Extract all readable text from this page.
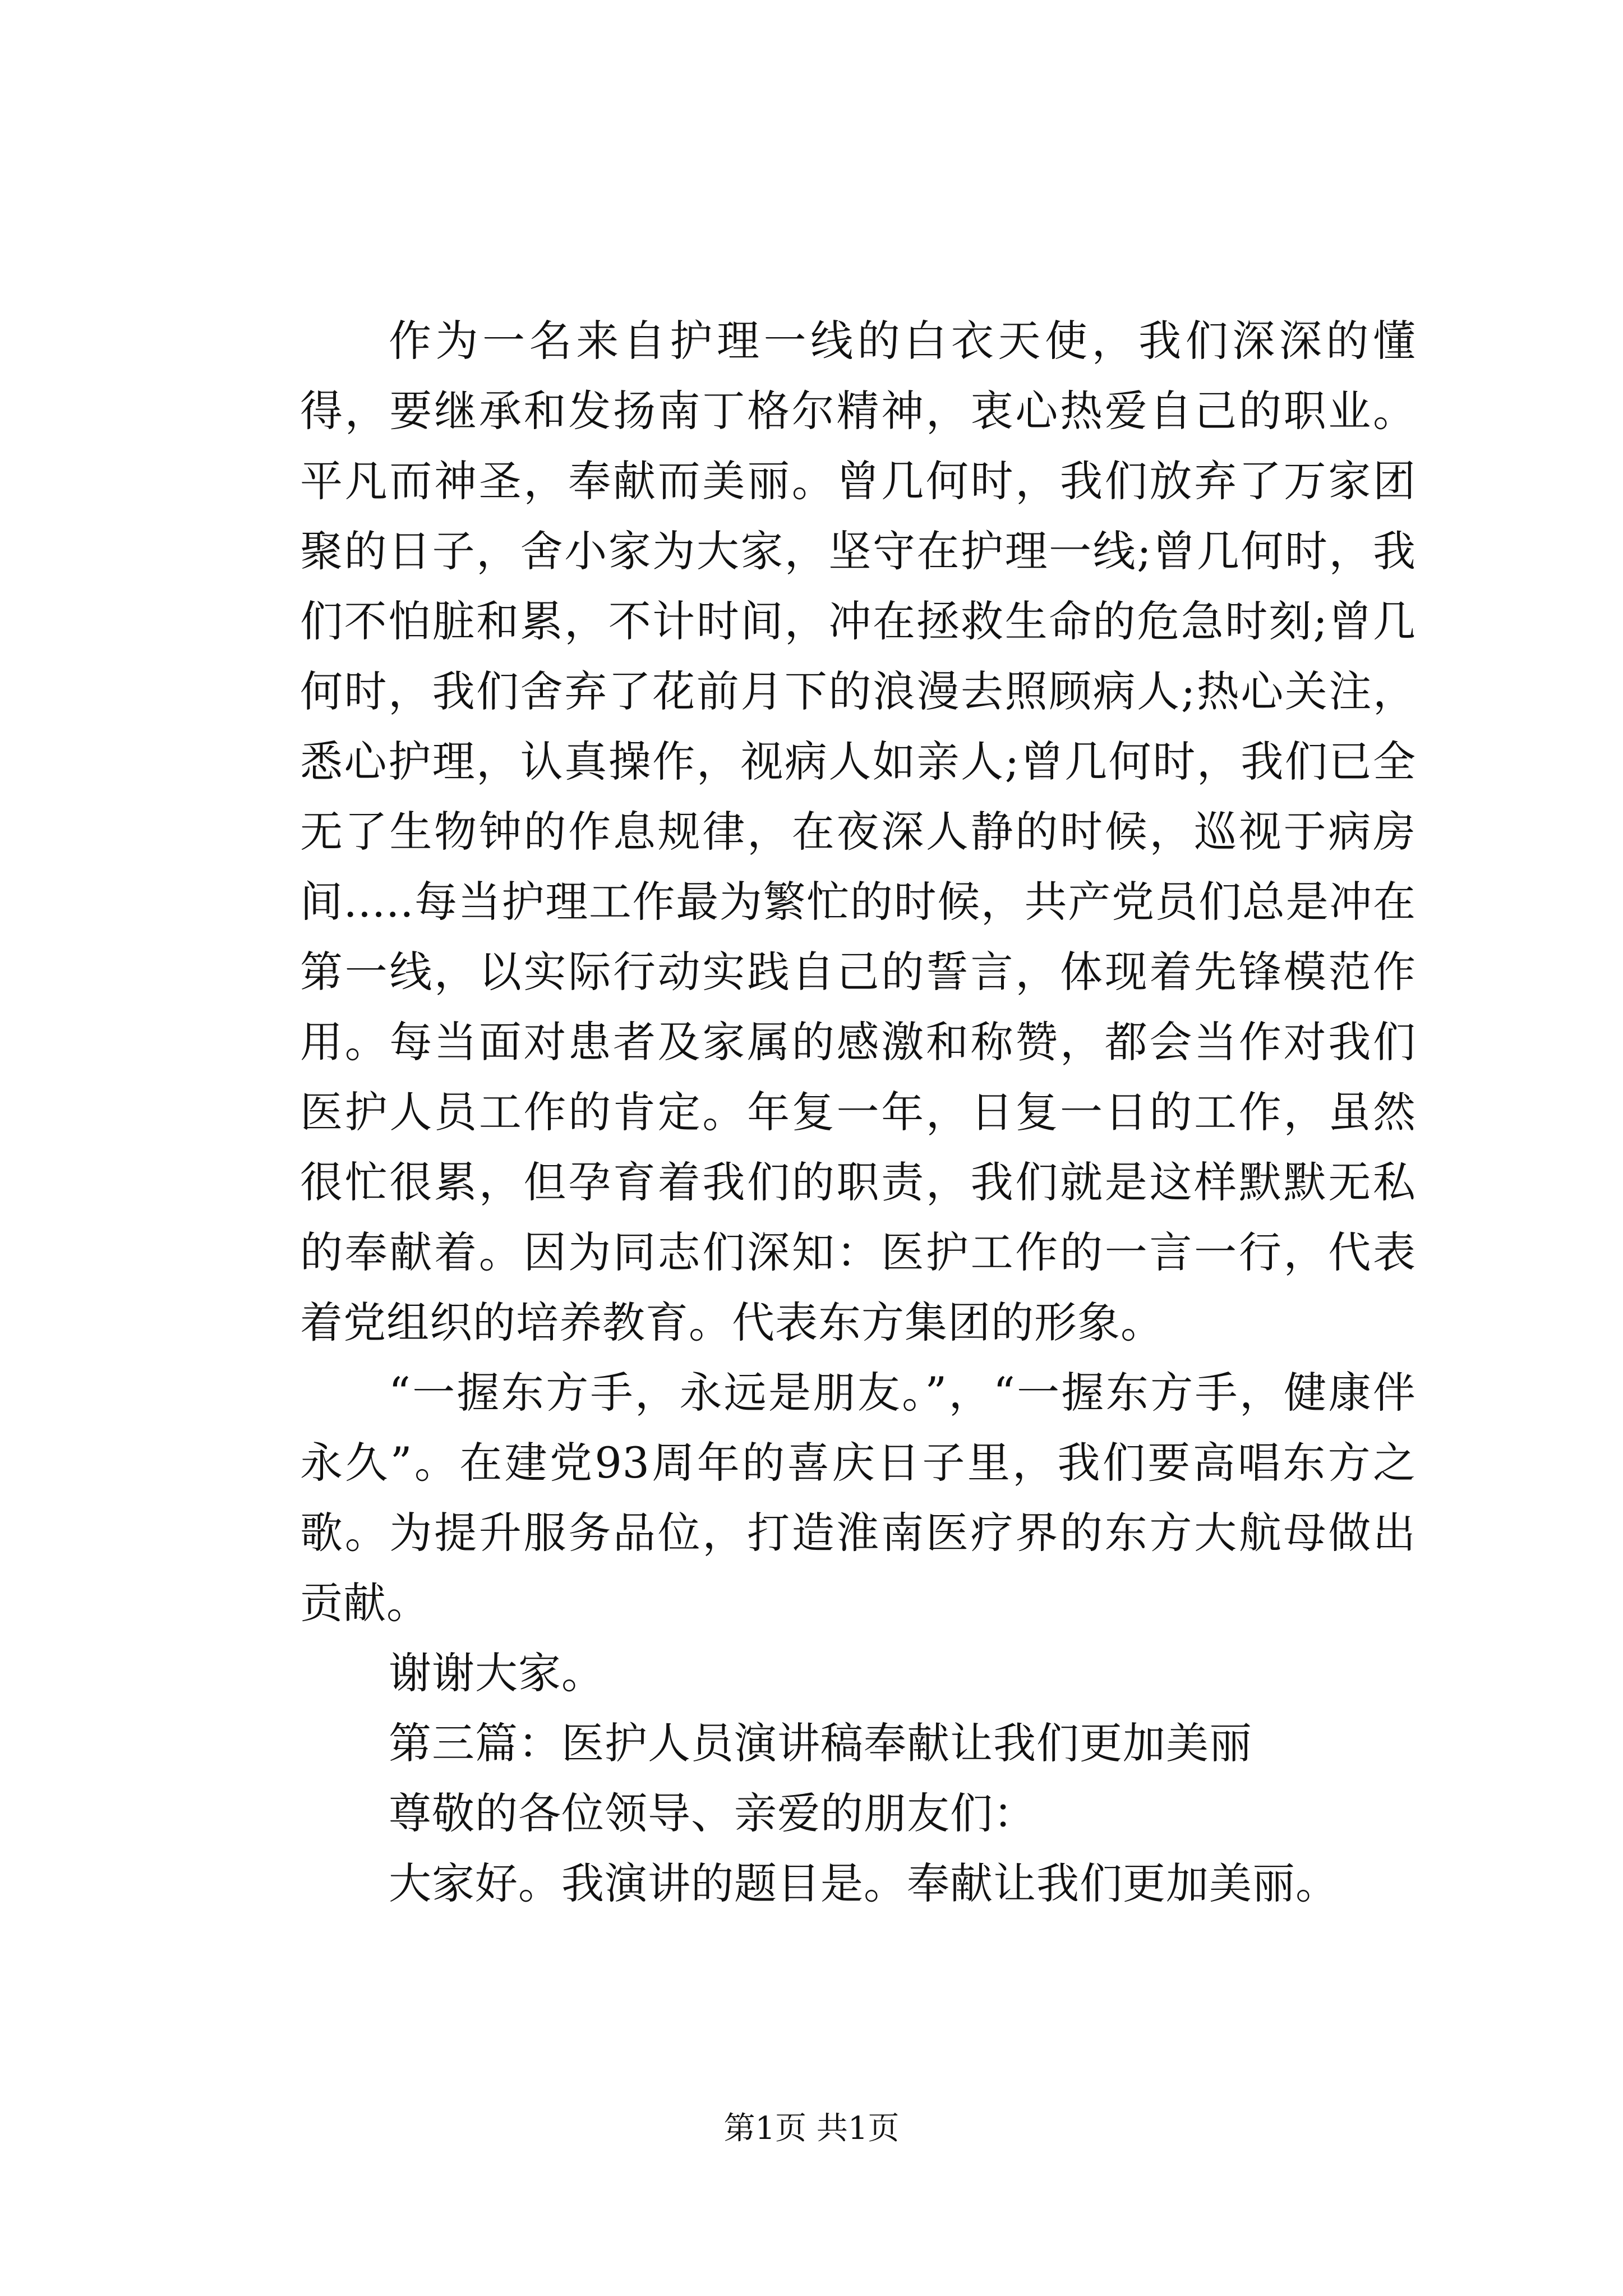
作为一名来自护理一线的白衣天使，我们深深的懂得，要继承和发扬南丁格尔精神，衷心热爱自己的职业。平凡而神圣，奉献而美丽。曾几何时，我们放弃了万家团聚的日子，舍小家为大家，坚守在护理一线;曾几何时，我们不怕脏和累，不计时间，冲在拯救生命的危急时刻;曾几何时，我们舍弃了花前月下的浪漫去照顾病人;热心关注，悉心护理，认真操作，视病人如亲人;曾几何时，我们已全无了生物钟的作息规律，在夜深人静的时候，巡视于病房间.....每当护理工作最为繁忙的时候，共产党员们总是冲在第一线，以实际行动实践自己的誓言，体现着先锋模范作用。每当面对患者及家属的感激和称赞，都会当作对我们医护人员工作的肯定。年复一年，日复一日的工作，虽然很忙很累，但孕育着我们的职责，我们就是这样默默无私的奉献着。因为同志们深知：医护工作的一言一行，代表着党组织的培养教育。代表东方集团的形象。

“一握东方手，永远是朋友。”，“一握东方手，健康伴永久”。在建党93周年的喜庆日子里，我们要高唱东方之歌。为提升服务品位，打造淮南医疗界的东方大航母做出贡献。

谢谢大家。

第三篇：医护人员演讲稿奉献让我们更加美丽

尊敬的各位领导、亲爱的朋友们：

大家好。我演讲的题目是。奉献让我们更加美丽。

第1页 共1页
